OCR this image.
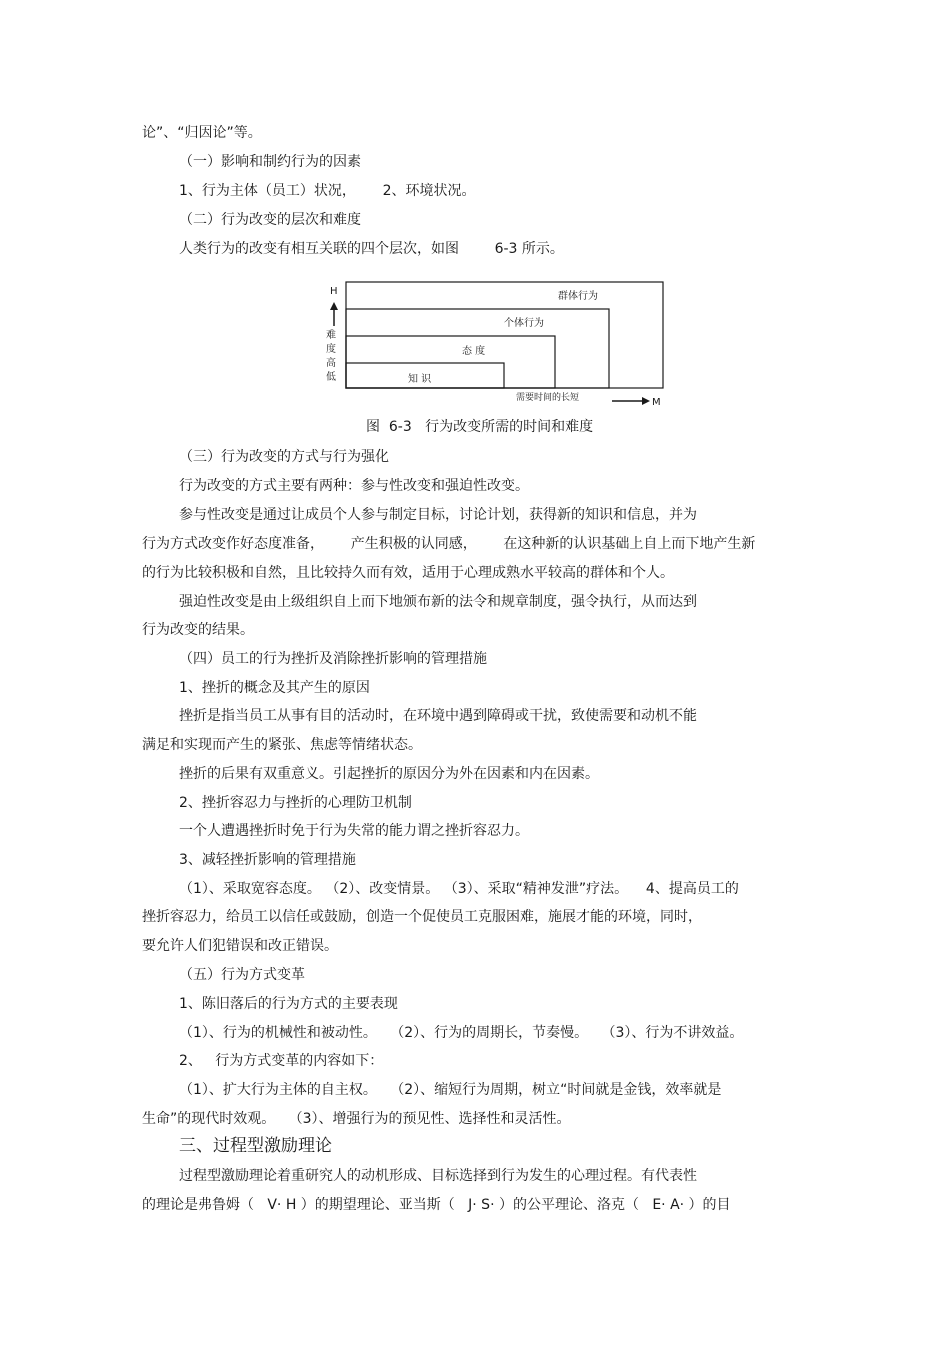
论”、“归因论”等。

（一）影响和制约行为的因素

1、行为主体（员工）状况，      2、环境状况。

（二）行为改变的层次和难度

人类行为的改变有相互关联的四个层次，如图        6-3 所示。

H
难
度
高
低
群体行为
个体行为
态 度
知 识
需要时间的长短	M

图  6-3   行为改变所需的时间和难度

（三）行为改变的方式与行为强化

行为改变的方式主要有两种：参与性改变和强迫性改变。

参与性改变是通过让成员个人参与制定目标，讨论计划，获得新的知识和信息，并为

行为方式改变作好态度准备，      产生积极的认同感，      在这种新的认识基础上自上而下地产生新

的行为比较积极和自然，且比较持久而有效，适用于心理成熟水平较高的群体和个人。

强迫性改变是由上级组织自上而下地颁布新的法令和规章制度，强令执行，从而达到

行为改变的结果。

（四）员工的行为挫折及消除挫折影响的管理措施

1、挫折的概念及其产生的原因

挫折是指当员工从事有目的活动时，在环境中遇到障碍或干扰，致使需要和动机不能

满足和实现而产生的紧张、焦虑等情绪状态。

挫折的后果有双重意义。引起挫折的原因分为外在因素和内在因素。

2、挫折容忍力与挫折的心理防卫机制

一个人遭遇挫折时免于行为失常的能力谓之挫折容忍力。

3、减轻挫折影响的管理措施

（1）、采取宽容态度。 （2）、改变情景。 （3）、采取“精神发泄”疗法。    4、提高员工的

挫折容忍力，给员工以信任或鼓励，创造一个促使员工克服困难，施展才能的环境，同时，

要允许人们犯错误和改正错误。

（五）行为方式变革

1、陈旧落后的行为方式的主要表现

（1）、行为的机械性和被动性。   （2）、行为的周期长，节奏慢。   （3）、行为不讲效益。

2、   行为方式变革的内容如下：

（1）、扩大行为主体的自主权。   （2）、缩短行为周期，树立“时间就是金钱，效率就是

生命”的现代时效观。   （3）、增强行为的预见性、选择性和灵活性。

三、过程型激励理论

过程型激励理论着重研究人的动机形成、目标选择到行为发生的心理过程。有代表性

的理论是弗鲁姆（   V· H ）的期望理论、亚当斯（   J· S· ）的公平理论、洛克（   E· A· ）的目
